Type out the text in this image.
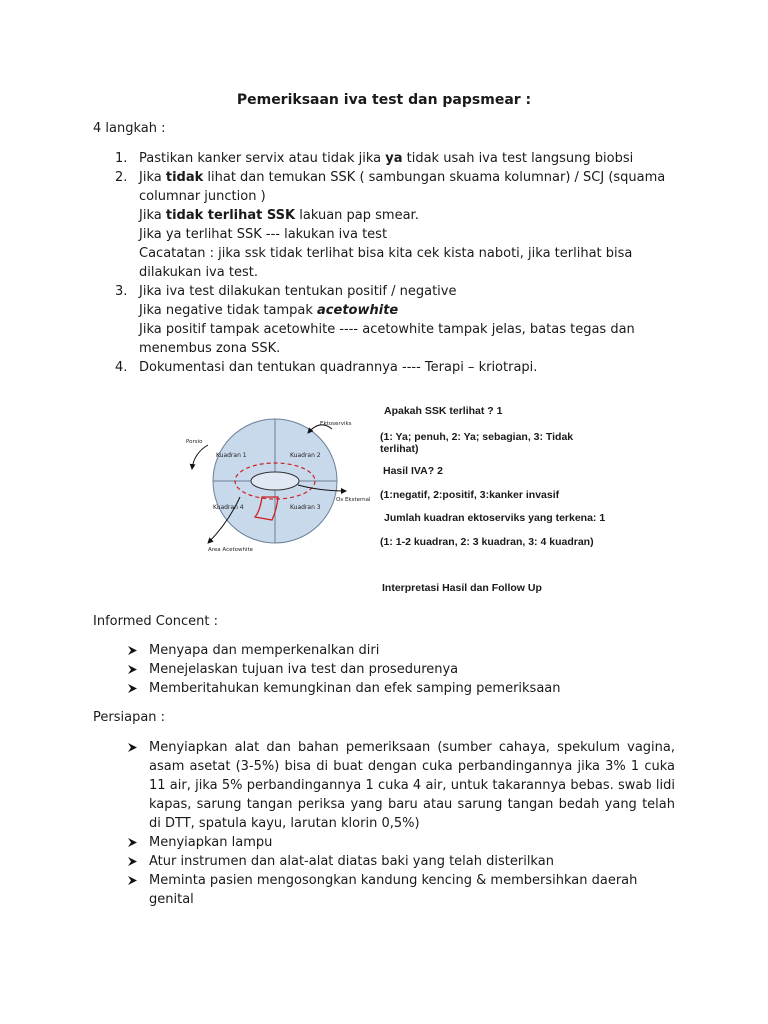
Pemeriksaan iva test dan papsmear :
4 langkah :
1. Pastikan kanker servix atau tidak jika ya tidak usah iva test langsung biobsi
2. Jika tidak lihat dan temukan SSK ( sambungan skuama kolumnar) / SCJ (squama columnar junction )
Jika tidak terlihat SSK lakuan pap smear.
Jika ya terlihat SSK --- lakukan iva test
Cacatatan : jika ssk tidak terlihat bisa kita cek kista naboti, jika terlihat bisa dilakukan iva test.
3. Jika iva test dilakukan tentukan positif / negative
Jika negative tidak tampak acetowhite
Jika positif tampak acetowhite ---- acetowhite tampak jelas, batas tegas dan menembus zona SSK.
4. Dokumentasi dan tentukan quadrannya ---- Terapi – kriotrapi.
Kuadran 1	Kuadran 2
Kuadran 3
Kuadran 4
Ektoserviks
Porsio
Os Eksternal
Area Acetowhite
Apakah SSK terlihat ? 1
(1: Ya; penuh, 2: Ya; sebagian, 3: Tidak
terlihat)
Hasil IVA? 2
(1:negatif, 2:positif, 3:kanker invasif
Jumlah kuadran ektoserviks yang terkena: 1
(1: 1-2 kuadran, 2: 3 kuadran, 3: 4 kuadran)
Interpretasi Hasil dan Follow Up
Informed Concent :
Menyapa dan memperkenalkan diri
Menejelaskan tujuan iva test dan prosedurenya
Memberitahukan kemungkinan dan efek samping pemeriksaan
Persiapan :
Menyiapkan alat dan bahan pemeriksaan (sumber cahaya, spekulum vagina, asam asetat (3-5%) bisa di buat dengan cuka perbandingannya jika 3% 1 cuka 11 air, jika 5% perbandingannya 1 cuka 4 air, untuk takarannya bebas. swab lidi kapas, sarung tangan periksa yang baru atau sarung tangan bedah yang telah di DTT, spatula kayu, larutan klorin 0,5%)
Menyiapkan lampu
Atur instrumen dan alat-alat diatas baki yang telah disterilkan
Meminta pasien mengosongkan kandung kencing & membersihkan daerah genital
